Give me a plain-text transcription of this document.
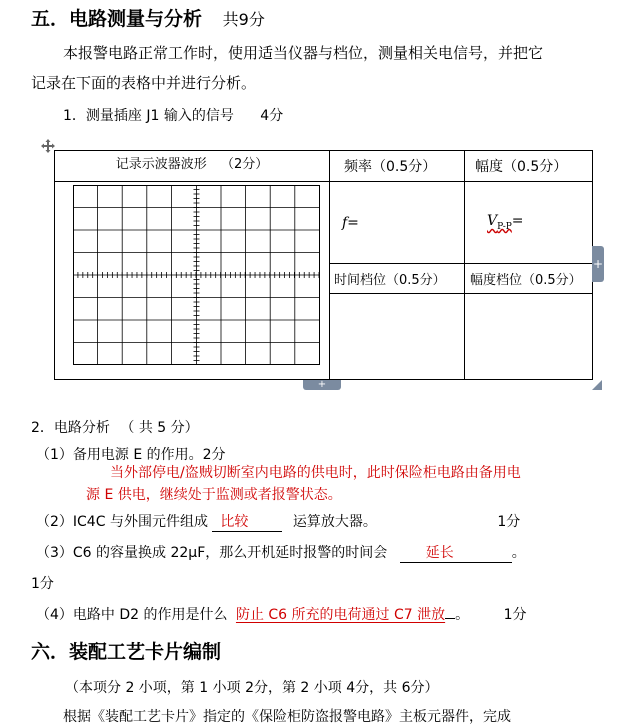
五．电路测量与分析 共9分
本报警电路正常工作时，使用适当仪器与档位，测量相关电信号，并把它
记录在下面的表格中并进行分析。
1．测量插座 J1 输入的信号 4分
记录示波器波形 （2分）	频率（0.5分）	幅度（0.5分）
	f=	$V_{P-P}=$
	时间档位（0.5分）	幅度档位（0.5分）

+
+
2．电路分析 （ 共 5 分）
（1）备用电源 E 的作用。2分
当外部停电/盗贼切断室内电路的供电时，此时保险柜电路由备用电
源 E 供电，继续处于监测或者报警状态。
（2）IC4C 与外围元件组成 比较	运算放大器。	1分
（3）C6 的容量换成 22μF，那么开机延时报警的时间会	延长	。
1分
（4）电路中 D2 的作用是什么 防止 C6 所充的电荷通过 C7 泄放 。 1分
六．装配工艺卡片编制
（本项分 2 小项，第 1 小项 2分，第 2 小项 4分，共 6分）
根据《装配工艺卡片》指定的《保险柜防盗报警电路》主板元器件，完成
